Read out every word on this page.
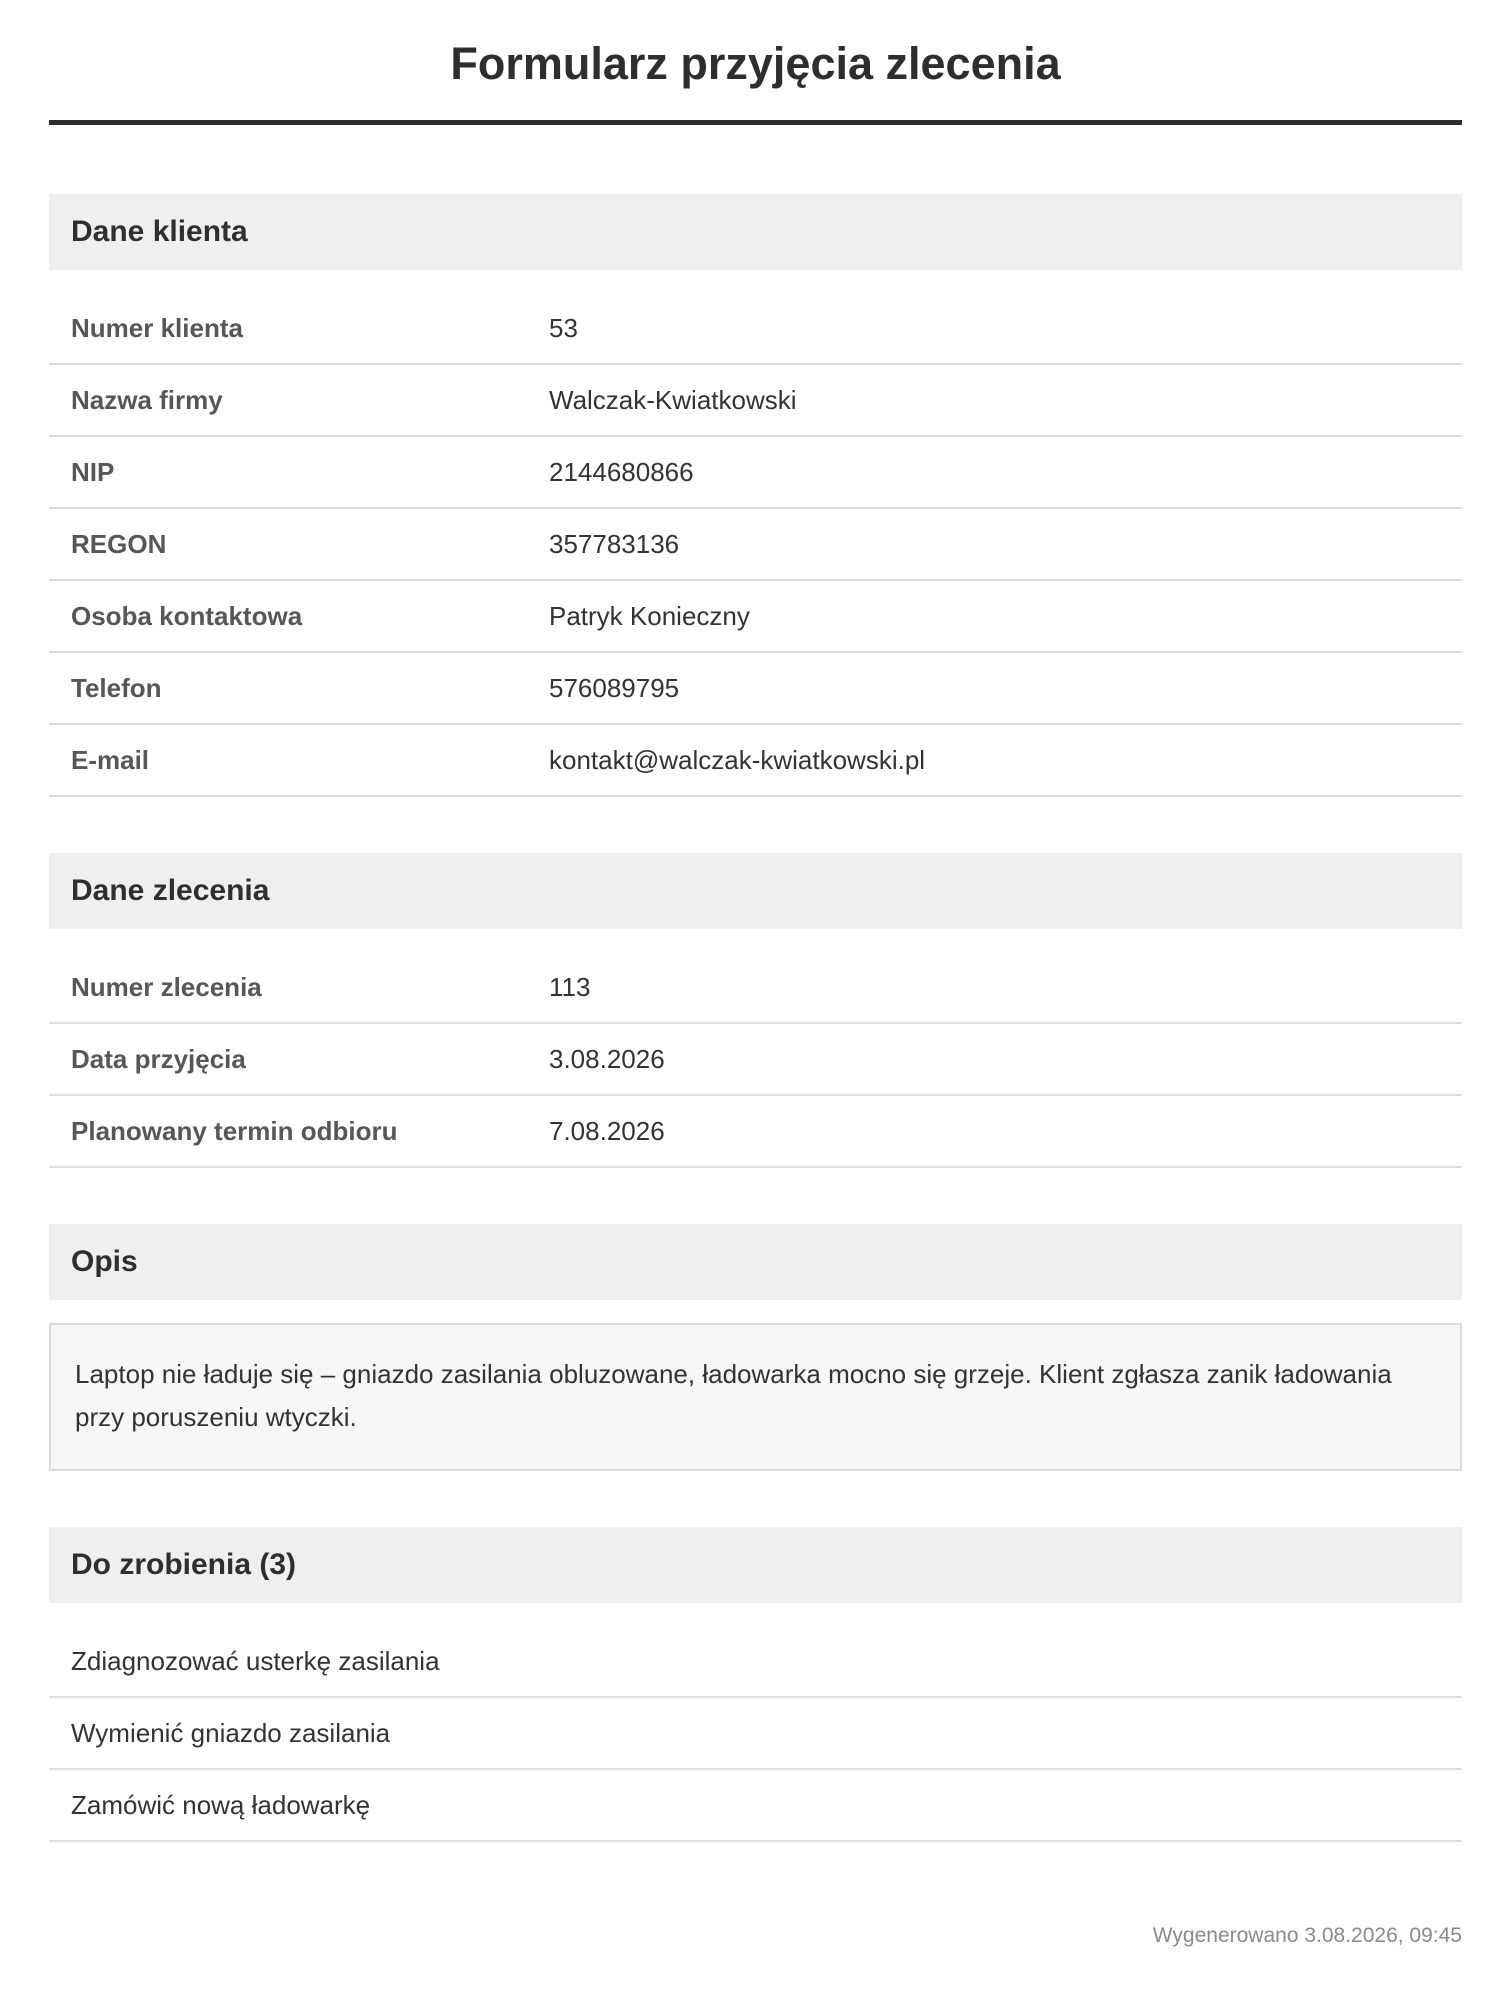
Formularz przyjęcia zlecenia
Dane klienta
Numer klienta	53
Nazwa firmy	Walczak-Kwiatkowski
NIP	2144680866
REGON	357783136
Osoba kontaktowa	Patryk Konieczny
Telefon	576089795
E-mail	kontakt@walczak-kwiatkowski.pl
Dane zlecenia
Numer zlecenia	113
Data przyjęcia	3.08.2026
Planowany termin odbioru	7.08.2026
Opis
Laptop nie ładuje się – gniazdo zasilania obluzowane, ładowarka mocno się grzeje. Klient zgłasza zanik ładowania przy poruszeniu wtyczki.
Do zrobienia (3)
Zdiagnozować usterkę zasilania
Wymienić gniazdo zasilania
Zamówić nową ładowarkę
Wygenerowano 3.08.2026, 09:45
